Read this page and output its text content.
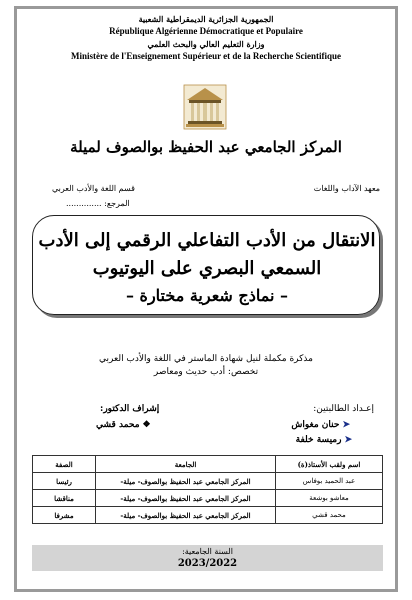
الجمهورية الجزائرية الديمقراطية الشعبية
République Algérienne Démocratique et Populaire
وزارة التعليم العالي والبحث العلمي
Ministère de l'Enseignement Supérieur et de la Recherche Scientifique
المركز الجامعي عبد الحفيظ بوالصوف لميلة
معهد الآداب واللغات
قسم اللغة والأدب العربي
المرجع: ..............
الانتقال من الأدب التفاعلي الرقمي إلى الأدب
السمعي البصري على اليوتيوب
– نماذج شعرية مختارة –
مذكرة مكملة لنيل شهادة الماستر في اللغة والأدب العربي
تخصص: أدب حديث ومعاصر
إعـداد الطالبتين:
إشراف الدكتور:
➤حنان مغواش
➤رميسة خلفة
❖محمد قشي
اسم ولقب الأستاذ(ة)	الجامعة	الصفة
عبد الحميد بوفاس	المركز الجامعي عبد الحفيظ بوالصوف- ميلة-	رئيسا
معاشو بوشعة	المركز الجامعي عبد الحفيظ بوالصوف- ميلة-	مناقشا
محمد قشي	المركز الجامعي عبد الحفيظ بوالصوف- ميلة-	مشرفا
السنة الجامعية:
2023/2022
